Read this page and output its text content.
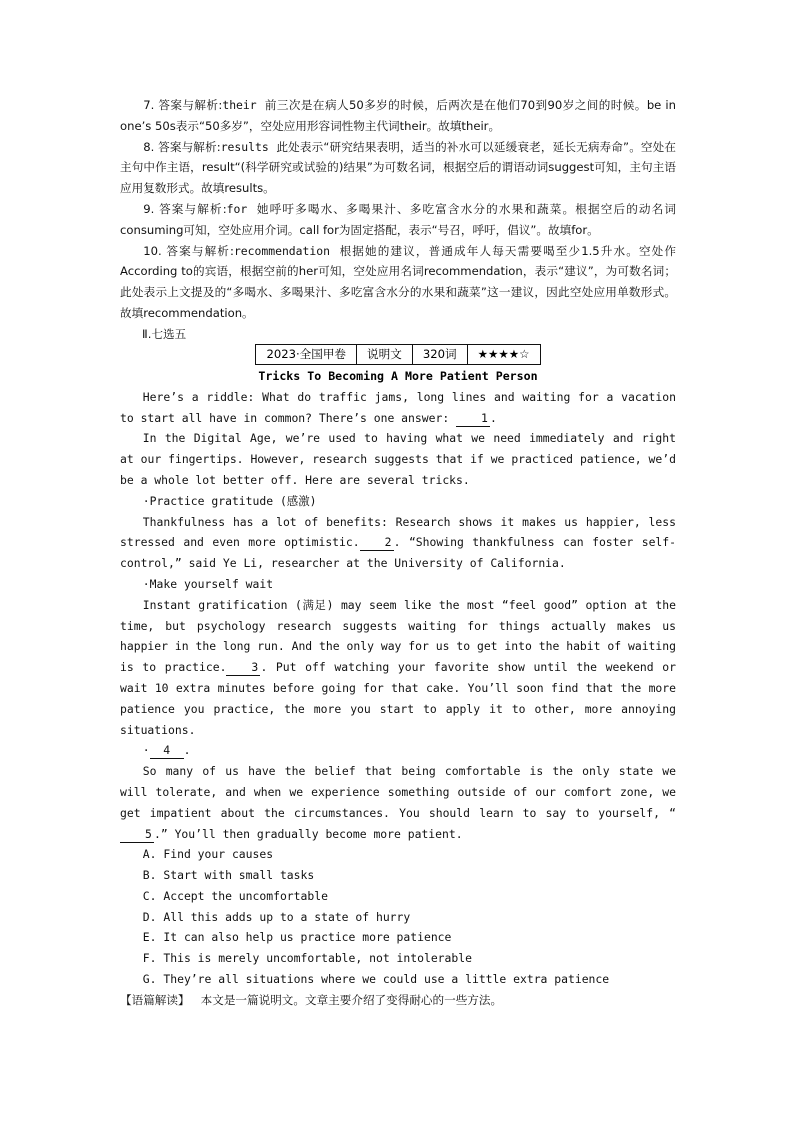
7. 答案与解析:their 前三次是在病人50多岁的时候，后两次是在他们70到90岁之间的时候。be in one’s 50s表示“50多岁”，空处应用形容词性物主代词their。故填their。

8. 答案与解析:results 此处表示“研究结果表明，适当的补水可以延缓衰老，延长无病寿命”。空处在主句中作主语，result“(科学研究或试验的)结果”为可数名词，根据空后的谓语动词suggest可知，主句主语应用复数形式。故填results。

9. 答案与解析:for 她呼吁多喝水、多喝果汁、多吃富含水分的水果和蔬菜。根据空后的动名词consuming可知，空处应用介词。call for为固定搭配，表示“号召，呼吁，倡议”。故填for。

10. 答案与解析:recommendation 根据她的建议，普通成年人每天需要喝至少1.5升水。空处作According to的宾语，根据空前的her可知，空处应用名词recommendation，表示“建议”，为可数名词；此处表示上文提及的“多喝水、多喝果汁、多吃富含水分的水果和蔬菜”这一建议，因此空处应用单数形式。故填recommendation。

Ⅱ.七选五

2023·全国甲卷	说明文	320词	★★★★☆

Tricks To Becoming A More Patient Person

Here’s a riddle: What do traffic jams, long lines and waiting for a vacation to start all have in common? There’s one answer:	1 .

In the Digital Age, we’re used to having what we need immediately and right at our fingertips. However, research suggests that if we practiced patience, we’d be a whole lot better off. Here are several tricks.

·Practice gratitude (感激)

Thankfulness has a lot of benefits: Research shows it makes us happier, less stressed and even more optimistic. 2 . “Showing thankfulness can foster self-control,” said Ye Li, researcher at the University of California.

·Make yourself wait

Instant gratification (满足) may seem like the most “feel good” option at the time, but psychology research suggests waiting for things actually makes us happier in the long run. And the only way for us to get into the habit of waiting is to practice. 3 . Put off watching your favorite show until the weekend or wait 10 extra minutes before going for that cake. You’ll soon find that the more patience you practice, the more you start to apply it to other, more annoying situations.

· 4 .

So many of us have the belief that being comfortable is the only state we will tolerate, and when we experience something outside of our comfort zone, we get impatient about the circumstances. You should learn to say to yourself, “5 .” You’ll then gradually become more patient.

A. Find your causes

B. Start with small tasks

C. Accept the uncomfortable

D. All this adds up to a state of hurry

E. It can also help us practice more patience

F. This is merely uncomfortable, not intolerable

G. They’re all situations where we could use a little extra patience

【语篇解读】 本文是一篇说明文。文章主要介绍了变得耐心的一些方法。
